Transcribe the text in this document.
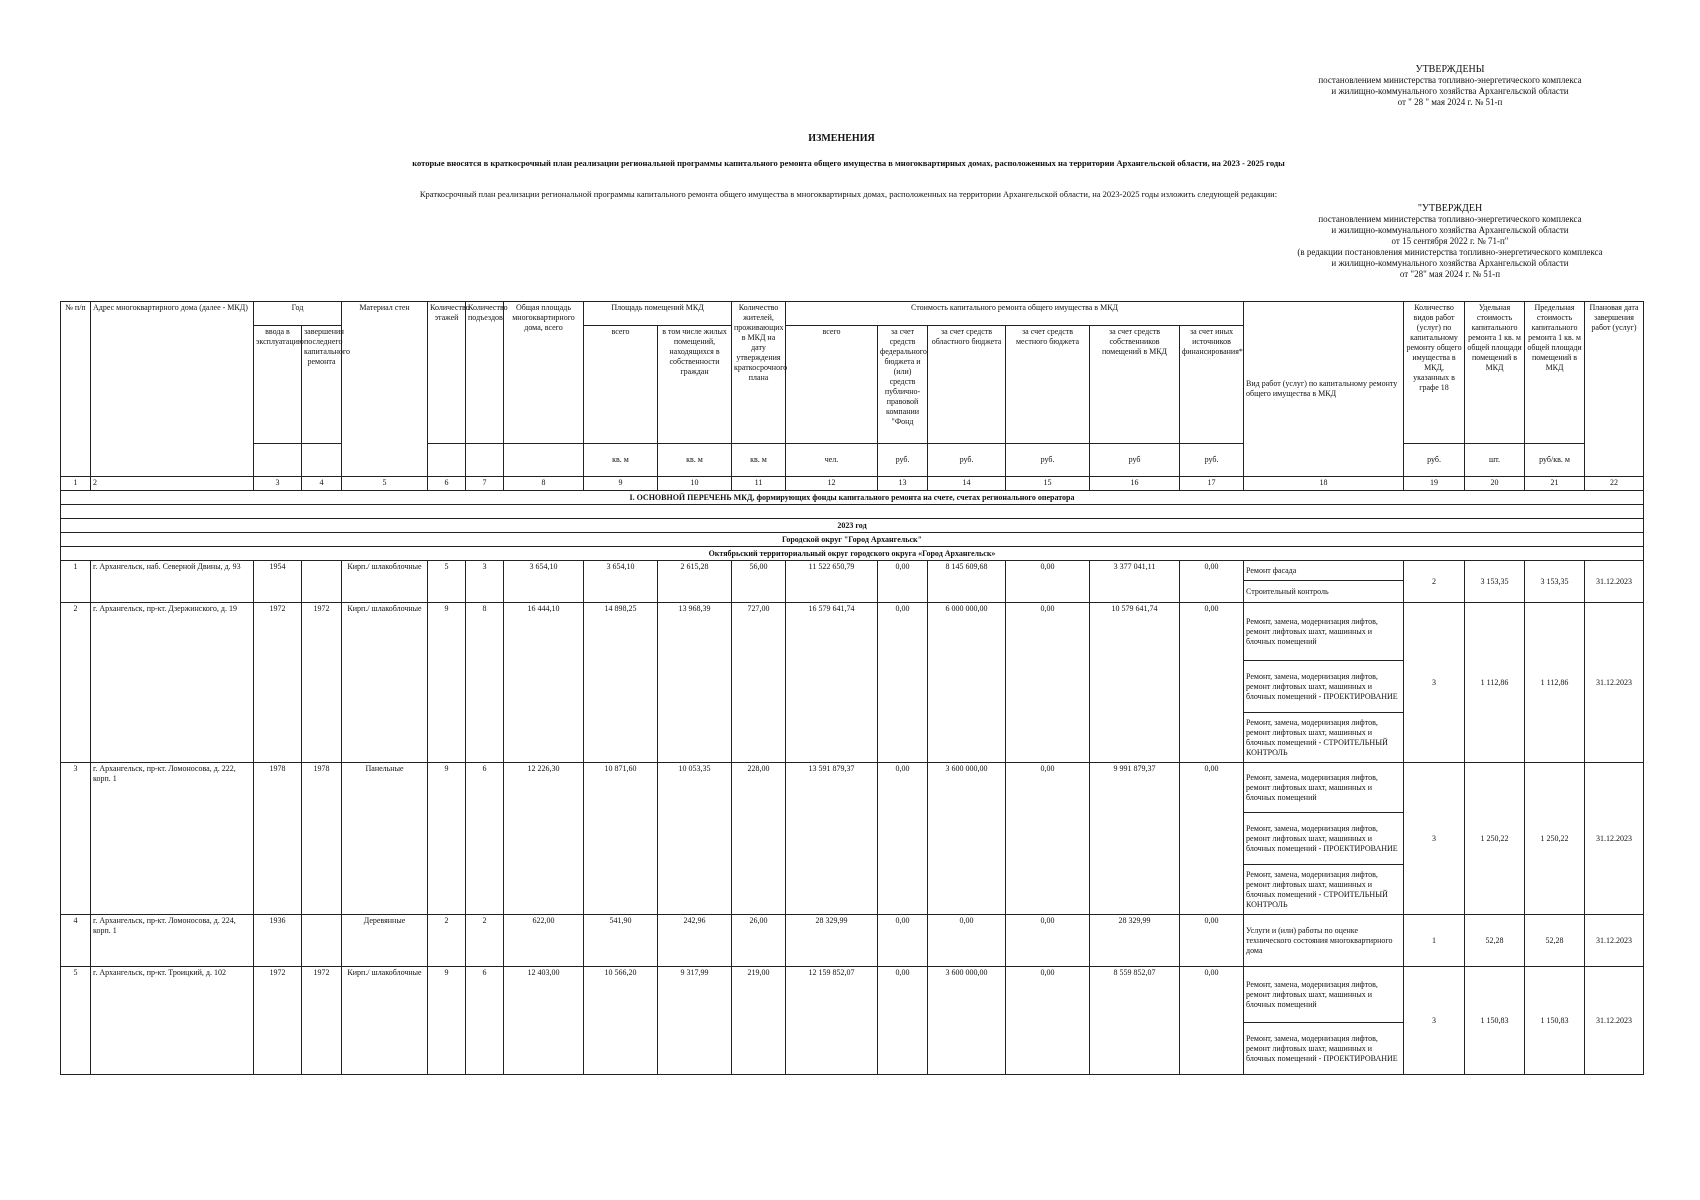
УТВЕРЖДЕНЫ
постановлением министерства топливно-энергетического комплекса
и жилищно-коммунального хозяйства Архангельской области
от " 28 " мая 2024 г. № 51-п
ИЗМЕНЕНИЯ
которые вносятся в краткосрочный план реализации региональной программы капитального ремонта общего имущества в многоквартирных домах, расположенных на территории Архангельской области, на 2023 - 2025 годы
Краткосрочный план реализации региональной программы капитального ремонта общего имущества в многоквартирных домах, расположенных на территории Архангельской области, на 2023-2025 годы изложить следующей редакции:
"УТВЕРЖДЕН
постановлением министерства топливно-энергетического комплекса
и жилищно-коммунального хозяйства Архангельской области
от 15 сентября 2022 г. № 71-п"
(в редакции постановления министерства топливно-энергетического комплекса
и жилищно-коммунального хозяйства Архангельской области
от "28" мая 2024 г. № 51-п
№ п/п	Адрес многоквартирного дома (далее - МКД)	Год		Материал стен	Количество этажей	Количество подъездов	Общая площадь многоквартирного дома, всего	Площадь помещений МКД		Количество жителей, проживающих в МКД на дату утверждения краткосрочного плана	Стоимость капитального ремонта общего имущества в МКД						Вид работ (услуг) по капитальному ремонту общего имущества в МКД	Количество видов работ (услуг) по капитальному ремонту общего имущества в МКД, указанных в графе 18	Удельная стоимость капитального ремонта 1 кв. м общей площади помещений в МКД	Предельная стоимость капитального ремонта 1 кв. м общей площади помещений в МКД	Плановая дата завершения работ (услуг)	
		ввода в эксплуатацию	завершения последнего капитального ремонта					всего	в том числе жилых помещений, находящихся в собственности граждан		всего	за счет средств федерального бюджета и (или) средств публично-правовой компании "Фонд	за счет средств областного бюджета	за счет средств местного бюджета	за счет средств собственников помещений в МКД	за счет иных источников финансирования*						
								кв. м	кв. м	кв. м	чел.	руб.	руб.	руб.	руб	руб.		руб.	шт.	руб/кв. м	
1	2	3	4	5	6	7	8	9	10	11	12	13	14	15	16	17	18	19	20	21	22	
I. ОСНОВНОЙ ПЕРЕЧЕНЬ МКД, формирующих фонды капитального ремонта на счете, счетах регионального оператора																						

2023 год																						
Городской округ "Город Архангельск"																						
Октябрьский территориальный округ городского округа «Город Архангельск»																						
1	г. Архангельск, наб. Северной Двины, д. 93	1954		Кирп./ шлакоблочные	5	3	3 654,10	3 654,10	2 615,28	56,00	11 522 650,79	0,00	8 145 609,68	0,00	3 377 041,11	0,00	Ремонт фасада	2	3 153,35	3 153,35	31.12.2023	
																	Строительный контроль					
2	г. Архангельск, пр-кт. Дзержинского, д. 19	1972	1972	Кирп./ шлакоблочные	9	8	16 444,10	14 898,25	13 968,39	727,00	16 579 641,74	0,00	6 000 000,00	0,00	10 579 641,74	0,00	Ремонт, замена, модернизация лифтов, ремонт лифтовых шахт, машинных и блочных помещений	3	1 112,86	1 112,86	31.12.2023	
																	Ремонт, замена, модернизация лифтов, ремонт лифтовых шахт, машинных и блочных помещений - ПРОЕКТИРОВАНИЕ					
																	Ремонт, замена, модернизация лифтов, ремонт лифтовых шахт, машинных и блочных помещений - СТРОИТЕЛЬНЫЙ КОНТРОЛЬ					
3	г. Архангельск, пр-кт. Ломоносова, д. 222, корп. 1	1978	1978	Панельные	9	6	12 226,30	10 871,60	10 053,35	228,00	13 591 879,37	0,00	3 600 000,00	0,00	9 991 879,37	0,00	Ремонт, замена, модернизация лифтов, ремонт лифтовых шахт, машинных и блочных помещений	3	1 250,22	1 250,22	31.12.2023	
																	Ремонт, замена, модернизация лифтов, ремонт лифтовых шахт, машинных и блочных помещений - ПРОЕКТИРОВАНИЕ					
																	Ремонт, замена, модернизация лифтов, ремонт лифтовых шахт, машинных и блочных помещений - СТРОИТЕЛЬНЫЙ КОНТРОЛЬ					
4	г. Архангельск, пр-кт. Ломоносова, д. 224, корп. 1	1936		Деревянные	2	2	622,00	541,90	242,96	26,00	28 329,99	0,00	0,00	0,00	28 329,99	0,00	Услуги и (или) работы по оценке технического состояния многоквартирного дома	1	52,28	52,28	31.12.2023	
5	г. Архангельск, пр-кт. Троицкий, д. 102	1972	1972	Кирп./ шлакоблочные	9	6	12 403,00	10 566,20	9 317,99	219,00	12 159 852,07	0,00	3 600 000,00	0,00	8 559 852,07	0,00	Ремонт, замена, модернизация лифтов, ремонт лифтовых шахт, машинных и блочных помещений	3	1 150,83	1 150,83	31.12.2023	
																	Ремонт, замена, модернизация лифтов, ремонт лифтовых шахт, машинных и блочных помещений - ПРОЕКТИРОВАНИЕ					
